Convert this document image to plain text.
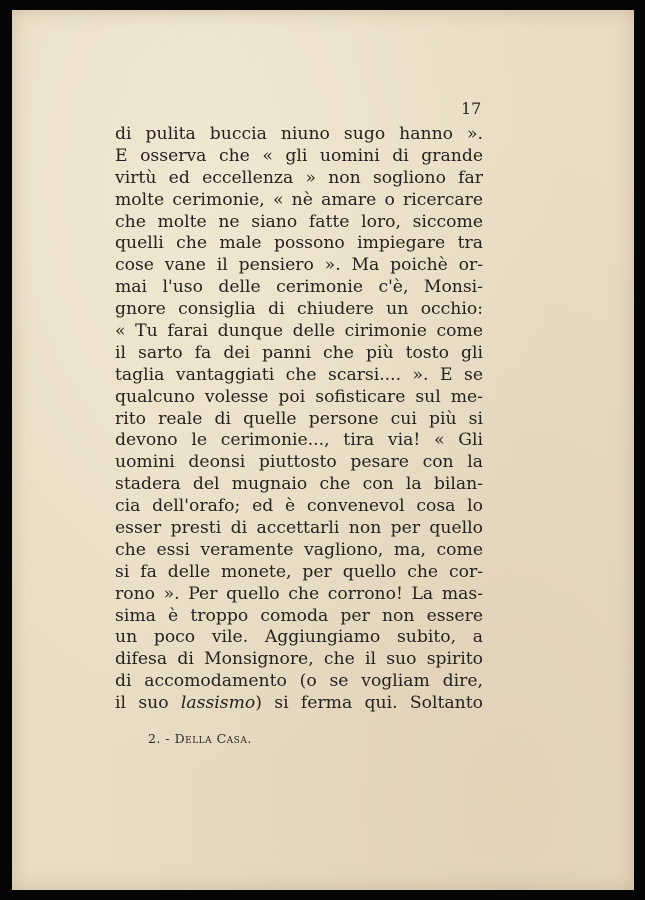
17
di pulita buccia niuno sugo hanno ».
E osserva che « gli uomini di grande
virtù ed eccellenza » non sogliono far
molte cerimonie, « nè amare o ricercare
che molte ne siano fatte loro, siccome
quelli che male possono impiegare tra
cose vane il pensiero ». Ma poichè or-
mai l'uso delle cerimonie c'è, Monsi-
gnore consiglia di chiudere un occhio:
« Tu farai dunque delle cirimonie come
il sarto fa dei panni che più tosto gli
taglia vantaggiati che scarsi.... ». E se
qualcuno volesse poi sofisticare sul me-
rito reale di quelle persone cui più si
devono le cerimonie..., tira via! « Gli
uomini deonsi piuttosto pesare con la
stadera del mugnaio che con la bilan-
cia dell'orafo; ed è convenevol cosa lo
esser presti di accettarli non per quello
che essi veramente vagliono, ma, come
si fa delle monete, per quello che cor-
rono ». Per quello che corrono! La mas-
sima è troppo comoda per non essere
un poco vile. Aggiungiamo subito, a
difesa di Monsignore, che il suo spirito
di accomodamento (o se vogliam dire,
il suo lassismo) si ferma qui. Soltanto
2. - Della Casa.
